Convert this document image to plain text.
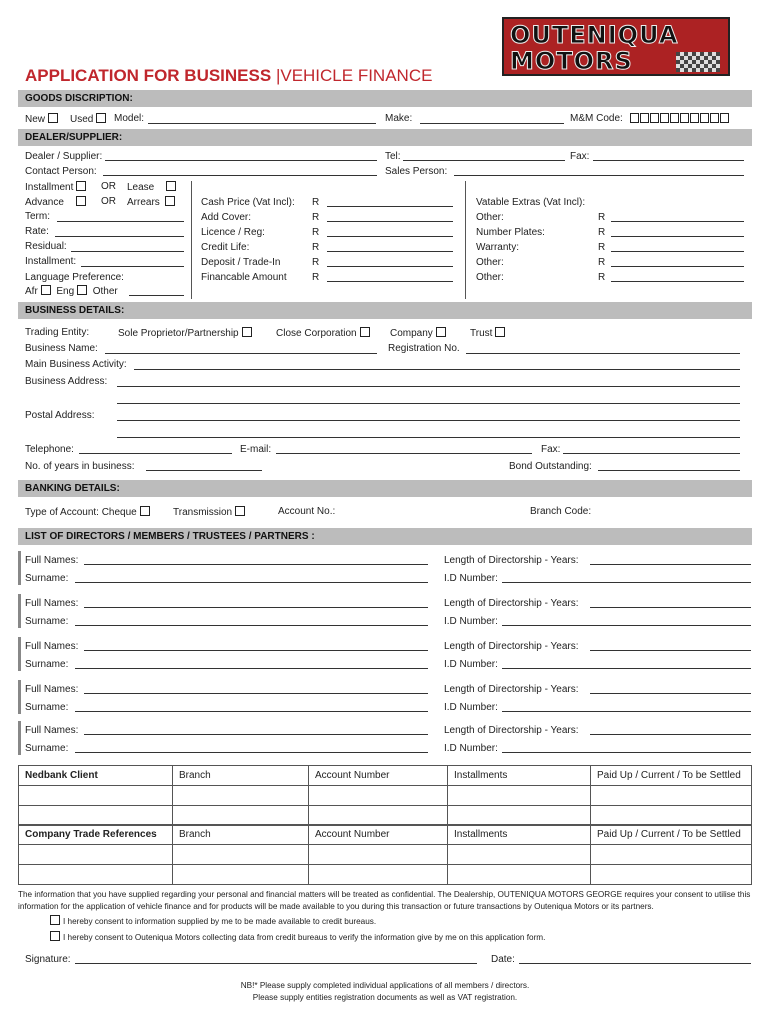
OUTENIQUA
MOTORS
APPLICATION FOR BUSINESS |VEHICLE FINANCE
GOODS DISCRIPTION:
New	Used	Model:	Make:	M&M Code:
DEALER/SUPPLIER:
Dealer / Supplier:	Tel:	Fax:
Contact Person:	Sales Person:
Installment	OR Lease
Advance	OR Arrears
Term:
Rate:
Residual:
Installment:
Language Preference:
Afr Eng Other
Cash Price (Vat Incl): R
Add Cover:	R
Licence / Reg:	R
Credit Life:	R
Deposit / Trade-In	R
Financable Amount	R
Vatable Extras (Vat Incl):
Other:	R
Number Plates:	R
Warranty:	R
Other:	R
Other:	R
BUSINESS DETAILS:
Trading Entity:	Sole Proprietor/Partnership	Close Corporation	Company	Trust
Business Name:	Registration No.
Main Business Activity:
Business Address:
Postal Address:
Telephone:	E-mail:	Fax:
No. of years in business:	Bond Outstanding:
BANKING DETAILS:
Type of Account: Cheque	Transmission	Account No.:	Branch Code:
LIST OF DIRECTORS / MEMBERS / TRUSTEES / PARTNERS :
Full Names:	Length of Directorship - Years:
Surname:	I.D Number:
Full Names:	Length of Directorship - Years:
Surname:	I.D Number:
Full Names:	Length of Directorship - Years:
Surname:	I.D Number:
Full Names:	Length of Directorship - Years:
Surname:	I.D Number:
Full Names:	Length of Directorship - Years:
Surname:	I.D Number:
Nedbank Client	Branch	Account Number	Installments	Paid Up / Current / To be Settled

Company Trade References	Branch	Account Number	Installments	Paid Up / Current / To be Settled

The information that you have supplied regarding your personal and financial matters will be treated as confidential. The Dealership, OUTENIQUA MOTORS GEORGE requires your consent to utilise this information for the application of vehicle finance and for products will be made available to you during this transaction or future transactions by Outeniqua Motors or its partners.
I hereby consent to information supplied by me to be made available to credit bureaus.
I hereby consent to Outeniqua Motors collecting data from credit bureaus to verify the information give by me on this application form.
Signature:	Date:
NB!* Please supply completed individual applications of all members / directors.
Please supply entities registration documents as well as VAT registration.
